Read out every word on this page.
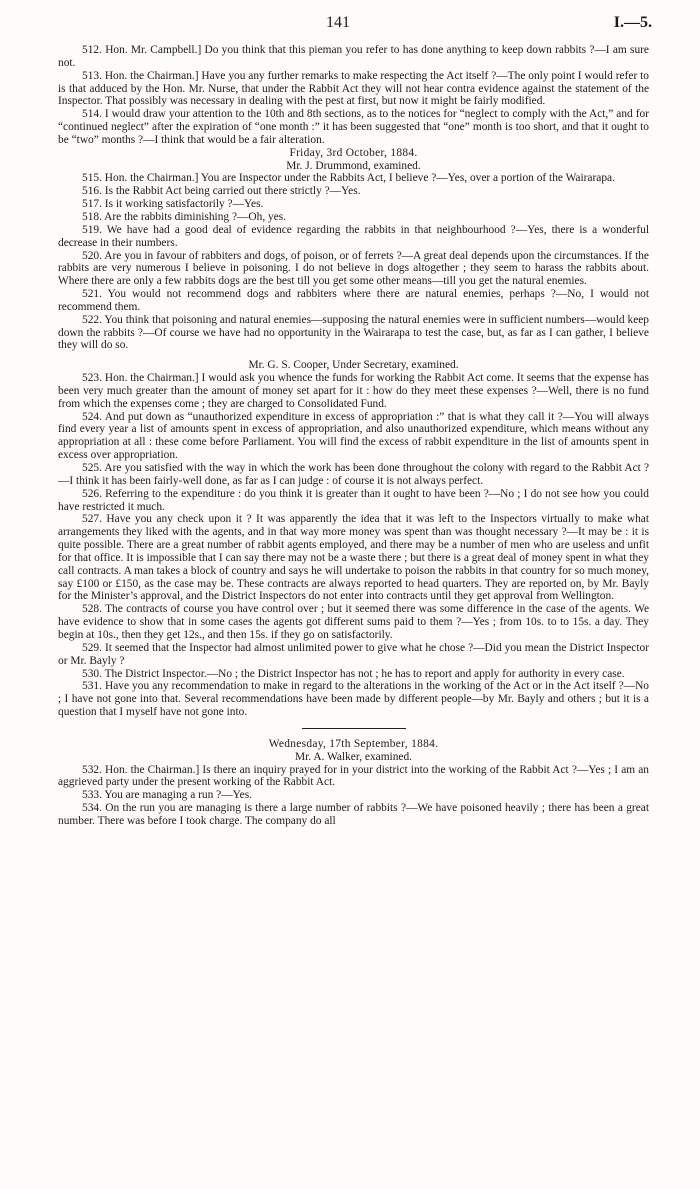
141	I.—5.

512. Hon. Mr. Campbell.] Do you think that this pieman you refer to has done anything to keep down rabbits ?—I am sure not.

513. Hon. the Chairman.] Have you any further remarks to make respecting the Act itself ?—The only point I would refer to is that adduced by the Hon. Mr. Nurse, that under the Rabbit Act they will not hear contra evidence against the statement of the Inspector. That possibly was necessary in dealing with the pest at first, but now it might be fairly modified.

514. I would draw your attention to the 10th and 8th sections, as to the notices for “neglect to comply with the Act,” and for “continued neglect” after the expiration of “one month :” it has been suggested that “one” month is too short, and that it ought to be “two” months ?—I think that would be a fair alteration.

Friday, 3rd October, 1884.

Mr. J. Drummond, examined.

515. Hon. the Chairman.] You are Inspector under the Rabbits Act, I believe ?—Yes, over a portion of the Wairarapa.

516. Is the Rabbit Act being carried out there strictly ?—Yes.

517. Is it working satisfactorily ?—Yes.

518. Are the rabbits diminishing ?—Oh, yes.

519. We have had a good deal of evidence regarding the rabbits in that neighbourhood ?—Yes, there is a wonderful decrease in their numbers.

520. Are you in favour of rabbiters and dogs, of poison, or of ferrets ?—A great deal depends upon the circumstances. If the rabbits are very numerous I believe in poisoning. I do not believe in dogs altogether ; they seem to harass the rabbits about. Where there are only a few rabbits dogs are the best till you get some other means—till you get the natural enemies.

521. You would not recommend dogs and rabbiters where there are natural enemies, perhaps ?—No, I would not recommend them.

522. You think that poisoning and natural enemies—supposing the natural enemies were in sufficient numbers—would keep down the rabbits ?—Of course we have had no opportunity in the Wairarapa to test the case, but, as far as I can gather, I believe they will do so.

Mr. G. S. Cooper, Under Secretary, examined.

523. Hon. the Chairman.] I would ask you whence the funds for working the Rabbit Act come. It seems that the expense has been very much greater than the amount of money set apart for it : how do they meet these expenses ?—Well, there is no fund from which the expenses come ; they are charged to Consolidated Fund.

524. And put down as “unauthorized expenditure in excess of appropriation :” that is what they call it ?—You will always find every year a list of amounts spent in excess of appropriation, and also unauthorized expenditure, which means without any appropriation at all : these come before Parliament. You will find the excess of rabbit expenditure in the list of amounts spent in excess over appropriation.

525. Are you satisfied with the way in which the work has been done throughout the colony with regard to the Rabbit Act ?—I think it has been fairly-well done, as far as I can judge : of course it is not always perfect.

526. Referring to the expenditure : do you think it is greater than it ought to have been ?—No ; I do not see how you could have restricted it much.

527. Have you any check upon it ? It was apparently the idea that it was left to the Inspectors virtually to make what arrangements they liked with the agents, and in that way more money was spent than was thought necessary ?—It may be : it is quite possible. There are a great number of rabbit agents employed, and there may be a number of men who are useless and unfit for that office. It is impossible that I can say there may not be a waste there ; but there is a great deal of money spent in what they call contracts. A man takes a block of country and says he will undertake to poison the rabbits in that country for so much money, say £100 or £150, as the case may be. These contracts are always reported to head quarters. They are reported on, by Mr. Bayly for the Minister’s approval, and the District Inspectors do not enter into contracts until they get approval from Wellington.

528. The contracts of course you have control over ; but it seemed there was some difference in the case of the agents. We have evidence to show that in some cases the agents got different sums paid to them ?—Yes ; from 10s. to to 15s. a day. They begin at 10s., then they get 12s., and then 15s. if they go on satisfactorily.

529. It seemed that the Inspector had almost unlimited power to give what he chose ?—Did you mean the District Inspector or Mr. Bayly ?

530. The District Inspector.—No ; the District Inspector has not ; he has to report and apply for authority in every case.

531. Have you any recommendation to make in regard to the alterations in the working of the Act or in the Act itself ?—No ; I have not gone into that. Several recommendations have been made by different people—by Mr. Bayly and others ; but it is a question that I myself have not gone into.

Wednesday, 17th September, 1884.

Mr. A. Walker, examined.

532. Hon. the Chairman.] Is there an inquiry prayed for in your district into the working of the Rabbit Act ?—Yes ; I am an aggrieved party under the present working of the Rabbit Act.

533. You are managing a run ?—Yes.

534. On the run you are managing is there a large number of rabbits ?—We have poisoned heavily ; there has been a great number. There was before I took charge. The company do all
